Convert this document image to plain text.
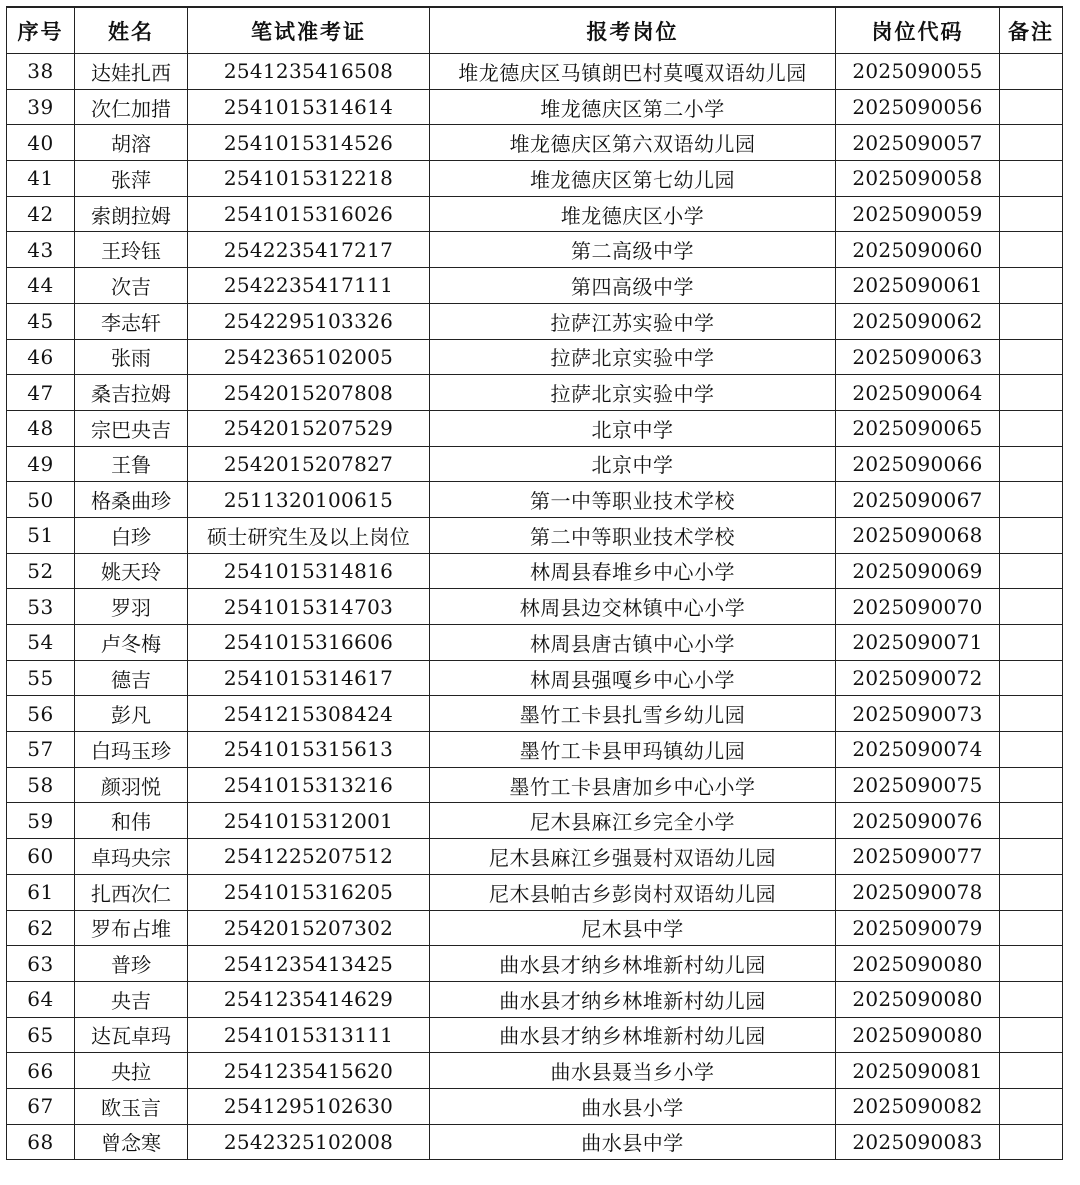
序号	姓名	笔试准考证	报考岗位	岗位代码	备注
38	达娃扎西	2541235416508	堆龙德庆区马镇朗巴村莫嘎双语幼儿园	2025090055	
39	次仁加措	2541015314614	堆龙德庆区第二小学	2025090056	
40	胡溶	2541015314526	堆龙德庆区第六双语幼儿园	2025090057	
41	张萍	2541015312218	堆龙德庆区第七幼儿园	2025090058	
42	索朗拉姆	2541015316026	堆龙德庆区小学	2025090059	
43	王玲钰	2542235417217	第二高级中学	2025090060	
44	次吉	2542235417111	第四高级中学	2025090061	
45	李志轩	2542295103326	拉萨江苏实验中学	2025090062	
46	张雨	2542365102005	拉萨北京实验中学	2025090063	
47	桑吉拉姆	2542015207808	拉萨北京实验中学	2025090064	
48	宗巴央吉	2542015207529	北京中学	2025090065	
49	王鲁	2542015207827	北京中学	2025090066	
50	格桑曲珍	2511320100615	第一中等职业技术学校	2025090067	
51	白珍	硕士研究生及以上岗位	第二中等职业技术学校	2025090068	
52	姚天玲	2541015314816	林周县春堆乡中心小学	2025090069	
53	罗羽	2541015314703	林周县边交林镇中心小学	2025090070	
54	卢冬梅	2541015316606	林周县唐古镇中心小学	2025090071	
55	德吉	2541015314617	林周县强嘎乡中心小学	2025090072	
56	彭凡	2541215308424	墨竹工卡县扎雪乡幼儿园	2025090073	
57	白玛玉珍	2541015315613	墨竹工卡县甲玛镇幼儿园	2025090074	
58	颜羽悦	2541015313216	墨竹工卡县唐加乡中心小学	2025090075	
59	和伟	2541015312001	尼木县麻江乡完全小学	2025090076	
60	卓玛央宗	2541225207512	尼木县麻江乡强聂村双语幼儿园	2025090077	
61	扎西次仁	2541015316205	尼木县帕古乡彭岗村双语幼儿园	2025090078	
62	罗布占堆	2542015207302	尼木县中学	2025090079	
63	普珍	2541235413425	曲水县才纳乡林堆新村幼儿园	2025090080	
64	央吉	2541235414629	曲水县才纳乡林堆新村幼儿园	2025090080	
65	达瓦卓玛	2541015313111	曲水县才纳乡林堆新村幼儿园	2025090080	
66	央拉	2541235415620	曲水县聂当乡小学	2025090081	
67	欧玉言	2541295102630	曲水县小学	2025090082	
68	曾念寒	2542325102008	曲水县中学	2025090083	
